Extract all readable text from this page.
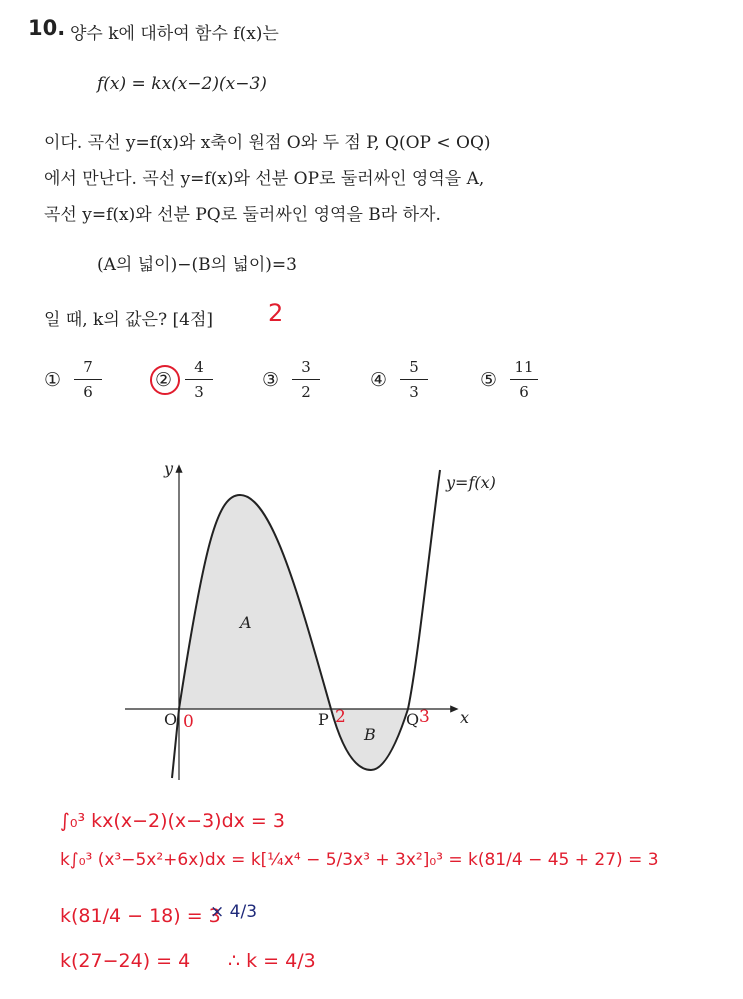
10. 양수 k에 대하여 함수 f(x)는
f(x) = kx(x−2)(x−3)
이다. 곡선 y=f(x)와 x축이 원점 O와 두 점 P, Q(OP < OQ)
에서 만난다. 곡선 y=f(x)와 선분 OP로 둘러싸인 영역을 A,
곡선 y=f(x)와 선분 PQ로 둘러싸인 영역을 B라 하자.
(A의 넓이)−(B의 넓이)=3
일 때, k의 값은? [4점] 2
①
7
6
②
4
3
③
3
2
④
5
3
⑤
11
6
y
x
y=f(x)
O	P	Q
A
B
0	2	3
∫₀³ kx(x−2)(x−3)dx = 3
k∫₀³ (x³−5x²+6x)dx = k[¼x⁴ − 5/3x³ + 3x²]₀³ = k(81/4 − 45 + 27) = 3
k(81/4 − 18) = 3
× 4/3
k(27−24) = 4 ∴ k = 4/3
